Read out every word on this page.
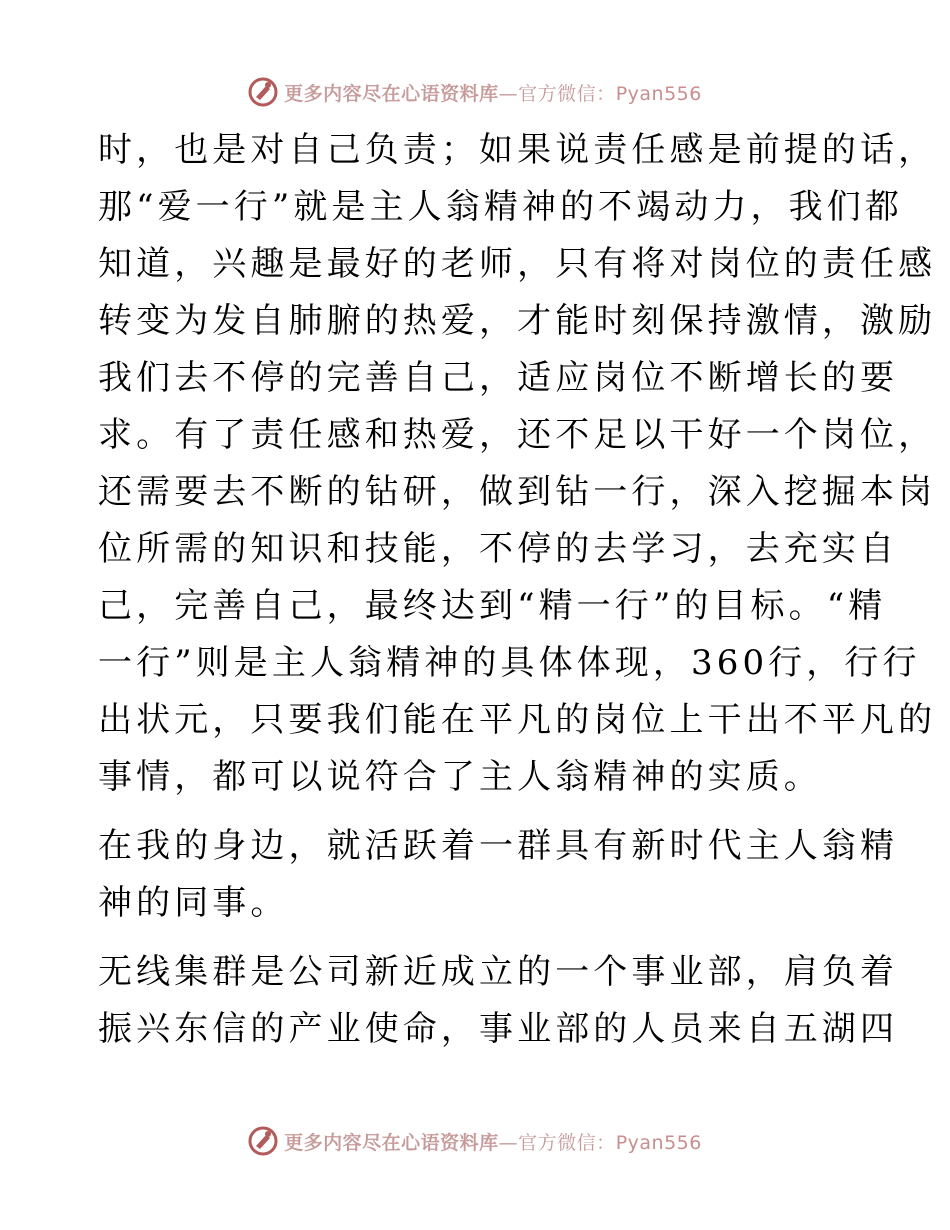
更多内容尽在心语资料库—官方微信：Pyan556
时，也是对自己负责；如果说责任感是前提的话，
那“爱一行”就是主人翁精神的不竭动力，我们都
知道，兴趣是最好的老师，只有将对岗位的责任感
转变为发自肺腑的热爱，才能时刻保持激情，激励
我们去不停的完善自己，适应岗位不断增长的要
求。有了责任感和热爱，还不足以干好一个岗位，
还需要去不断的钻研，做到钻一行，深入挖掘本岗
位所需的知识和技能，不停的去学习，去充实自
己，完善自己，最终达到“精一行”的目标。“精
一行”则是主人翁精神的具体体现，360行，行行
出状元，只要我们能在平凡的岗位上干出不平凡的
事情，都可以说符合了主人翁精神的实质。
在我的身边，就活跃着一群具有新时代主人翁精
神的同事。
无线集群是公司新近成立的一个事业部，肩负着
振兴东信的产业使命，事业部的人员来自五湖四
更多内容尽在心语资料库—官方微信：Pyan556
